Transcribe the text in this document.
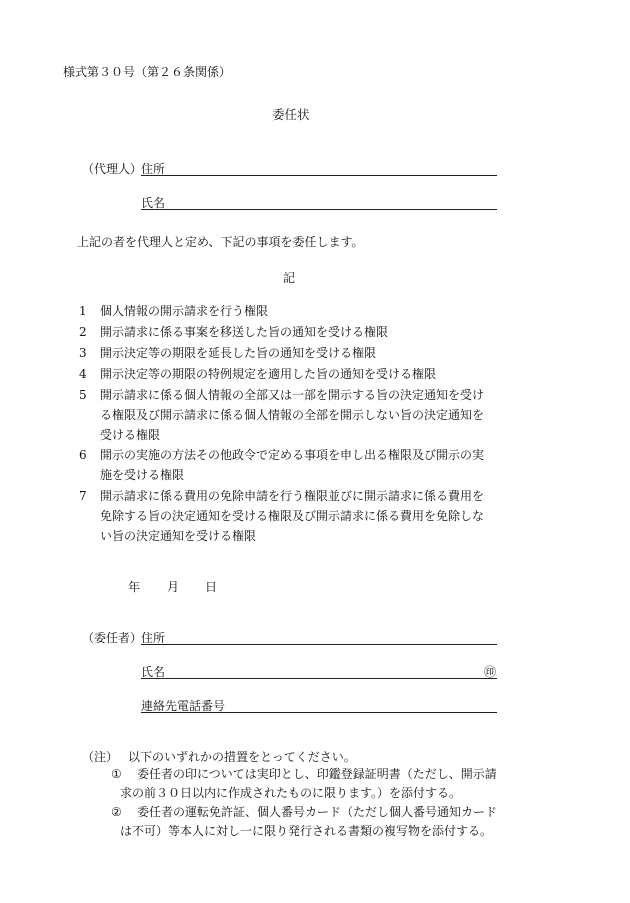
様式第３０号（第２６条関係）
委任状
（代理人）
住所
氏名
上記の者を代理人と定め、下記の事項を委任します。
記
1	個人情報の開示請求を行う権限
2	開示請求に係る事案を移送した旨の通知を受ける権限
3	開示決定等の期限を延長した旨の通知を受ける権限
4	開示決定等の期限の特例規定を適用した旨の通知を受ける権限
5	開示請求に係る個人情報の全部又は一部を開示する旨の決定通知を受け
る権限及び開示請求に係る個人情報の全部を開示しない旨の決定通知を
受ける権限
6	開示の実施の方法その他政令で定める事項を申し出る権限及び開示の実
施を受ける権限
7	開示請求に係る費用の免除申請を行う権限並びに開示請求に係る費用を
免除する旨の決定通知を受ける権限及び開示請求に係る費用を免除しな
い旨の決定通知を受ける権限
年 月 日
（委任者）
住所
氏名	㊞
連絡先電話番号
（注） 以下のいずれかの措置をとってください。
① 委任者の印については実印とし、印鑑登録証明書（ただし、開示請
求の前３０日以内に作成されたものに限ります。）を添付する。
② 委任者の運転免許証、個人番号カード（ただし個人番号通知カード
は不可）等本人に対し一に限り発行される書類の複写物を添付する。
